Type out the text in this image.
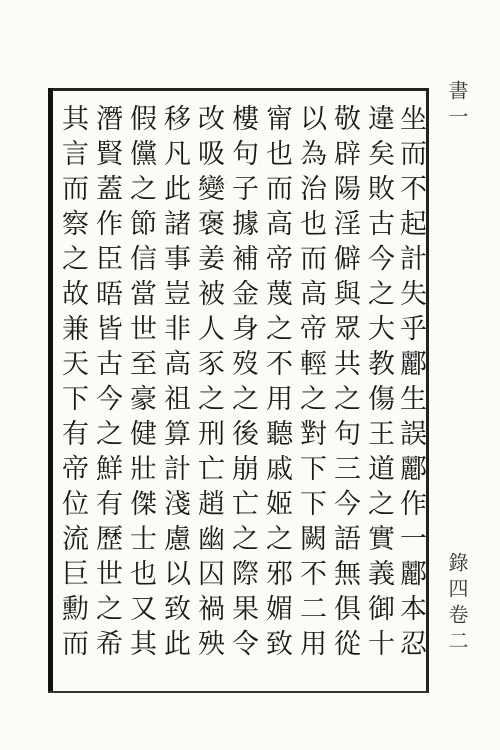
其言而察之故兼天下有帝位流巨勳而
潛賢蓋作臣晤皆古今之鮮有歷世之希
假儻之節信當世至豪健壯傑士也又其
移凡此諸事豈非高祖算計淺慮以致此
改吸變褒姜被人豕之刑亡趙幽囚禍殃
樓句子據補金身歿之後崩亡之際果令
甯也而高帝蔑之不用聽戚姬之邪媚致
以為治也而高帝輕之對下下闕不二用
敬辟陽淫僻與眾共之句三今語無俱從
違矣敗古今之大教傷王道之實義御十
坐而不起計失乎酈生誤酈作一酈本忍
書一錄四卷二
